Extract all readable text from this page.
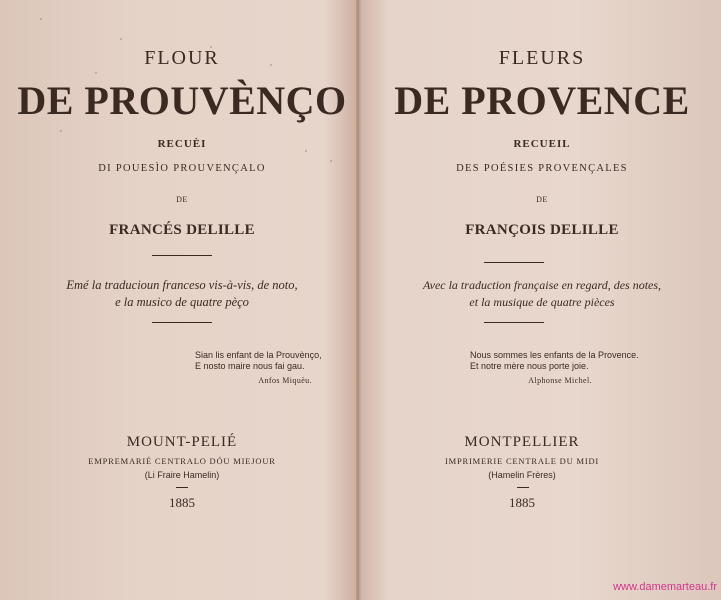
FLOUR
DE PROUVÈNÇO
RECUÈI
DI POUESÌO PROUVENÇALO
DE
FRANCÉS DELILLE
Emé la traducioun franceso vis-à-vis, de noto,
e la musico de quatre pèço
Sian lis enfant de la Prouvènço,
E nosto maire nous fai gau.
Anfos Miquèu.
MOUNT-PELIÉ
EMPREMARIÉ CENTRALO DÓU MIEJOUR
(Li Fraire Hamelin)
1885
FLEURS
DE PROVENCE
RECUEIL
DES POÉSIES PROVENÇALES
DE
FRANÇOIS DELILLE
Avec la traduction française en regard, des notes,
et la musique de quatre pièces
Nous sommes les enfants de la Provence.
Et notre mère nous porte joie.
Alphonse Michel.
MONTPELLIER
IMPRIMERIE CENTRALE DU MIDI
(Hamelin Frères)
1885
www.damemarteau.fr
